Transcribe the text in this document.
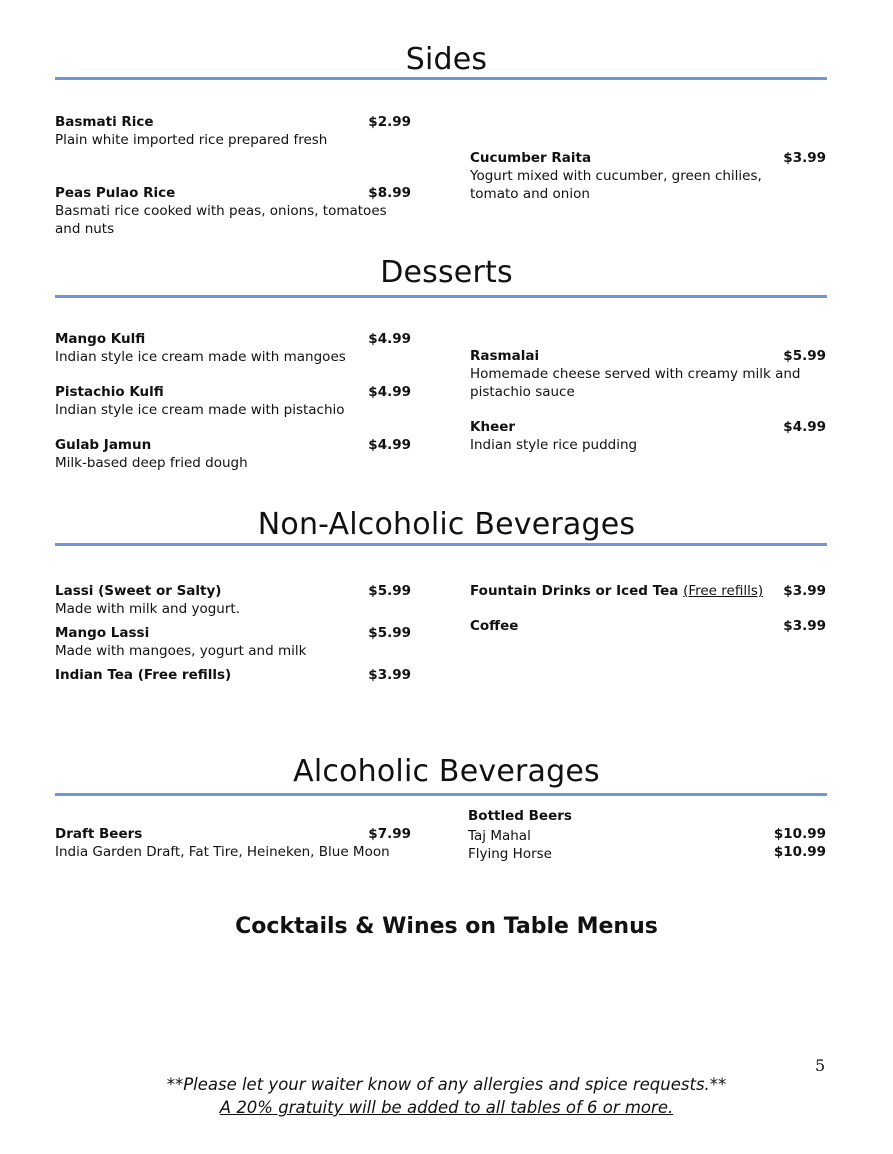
Sides
Basmati Rice	$2.99
Plain white imported rice prepared fresh
Peas Pulao Rice	$8.99
Basmati rice cooked with peas, onions, tomatoes and nuts
Cucumber Raita	$3.99
Yogurt mixed with cucumber, green chilies, tomato and onion
Desserts
Mango Kulfi	$4.99
Indian style ice cream made with mangoes
Pistachio Kulfi	$4.99
Indian style ice cream made with pistachio
Gulab Jamun	$4.99
Milk-based deep fried dough
Rasmalai	$5.99
Homemade cheese served with creamy milk and pistachio sauce
Kheer	$4.99
Indian style rice pudding
Non-Alcoholic Beverages
Lassi (Sweet or Salty)	$5.99
Made with milk and yogurt.
Mango Lassi	$5.99
Made with mangoes, yogurt and milk
Indian Tea (Free refills)	$3.99
Fountain Drinks or Iced Tea (Free refills)	$3.99
Coffee	$3.99
Alcoholic Beverages
Draft Beers	$7.99
India Garden Draft, Fat Tire, Heineken, Blue Moon
Bottled Beers
Taj Mahal	$10.99
Flying Horse	$10.99
Cocktails & Wines on Table Menus
5
**Please let your waiter know of any allergies and spice requests.**
A 20% gratuity will be added to all tables of 6 or more.
